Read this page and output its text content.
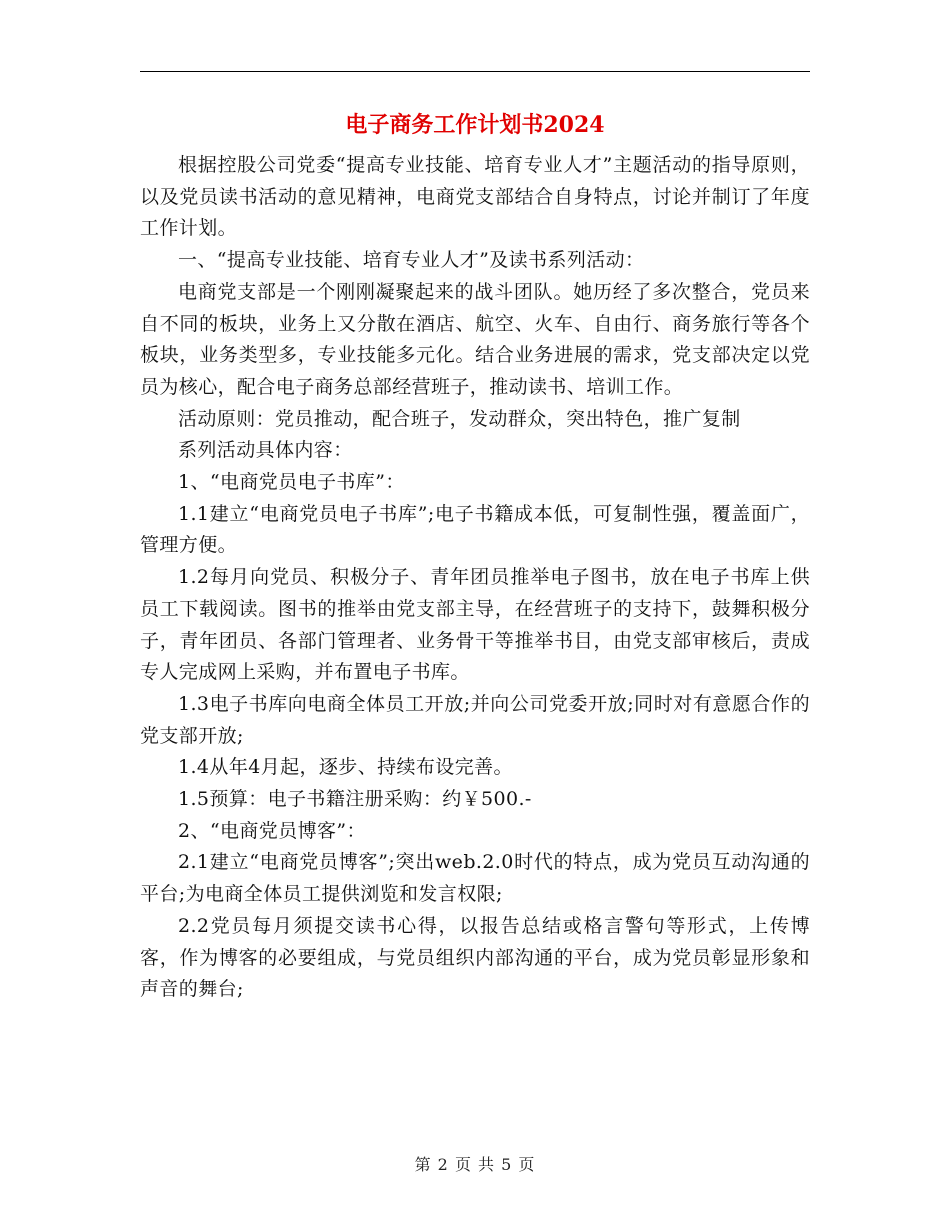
电子商务工作计划书2024

根据控股公司党委“提高专业技能、培育专业人才”主题活动的指导原则，以及党员读书活动的意见精神，电商党支部结合自身特点，讨论并制订了年度工作计划。

一、“提高专业技能、培育专业人才”及读书系列活动：

电商党支部是一个刚刚凝聚起来的战斗团队。她历经了多次整合，党员来自不同的板块，业务上又分散在酒店、航空、火车、自由行、商务旅行等各个板块，业务类型多，专业技能多元化。结合业务进展的需求，党支部决定以党员为核心，配合电子商务总部经营班子，推动读书、培训工作。

活动原则：党员推动，配合班子，发动群众，突出特色，推广复制

系列活动具体内容：

1、“电商党员电子书库”：

1.1建立“电商党员电子书库”;电子书籍成本低，可复制性强，覆盖面广，管理方便。

1.2每月向党员、积极分子、青年团员推举电子图书，放在电子书库上供员工下载阅读。图书的推举由党支部主导，在经营班子的支持下，鼓舞积极分子，青年团员、各部门管理者、业务骨干等推举书目，由党支部审核后，责成专人完成网上采购，并布置电子书库。

1.3电子书库向电商全体员工开放;并向公司党委开放;同时对有意愿合作的党支部开放;

1.4从年4月起，逐步、持续布设完善。

1.5预算：电子书籍注册采购：约￥500.-

2、“电商党员博客”：

2.1建立“电商党员博客”;突出web.2.0时代的特点，成为党员互动沟通的平台;为电商全体员工提供浏览和发言权限;

2.2党员每月须提交读书心得，以报告总结或格言警句等形式，上传博客，作为博客的必要组成，与党员组织内部沟通的平台，成为党员彰显形象和声音的舞台;

第 2 页 共 5 页
